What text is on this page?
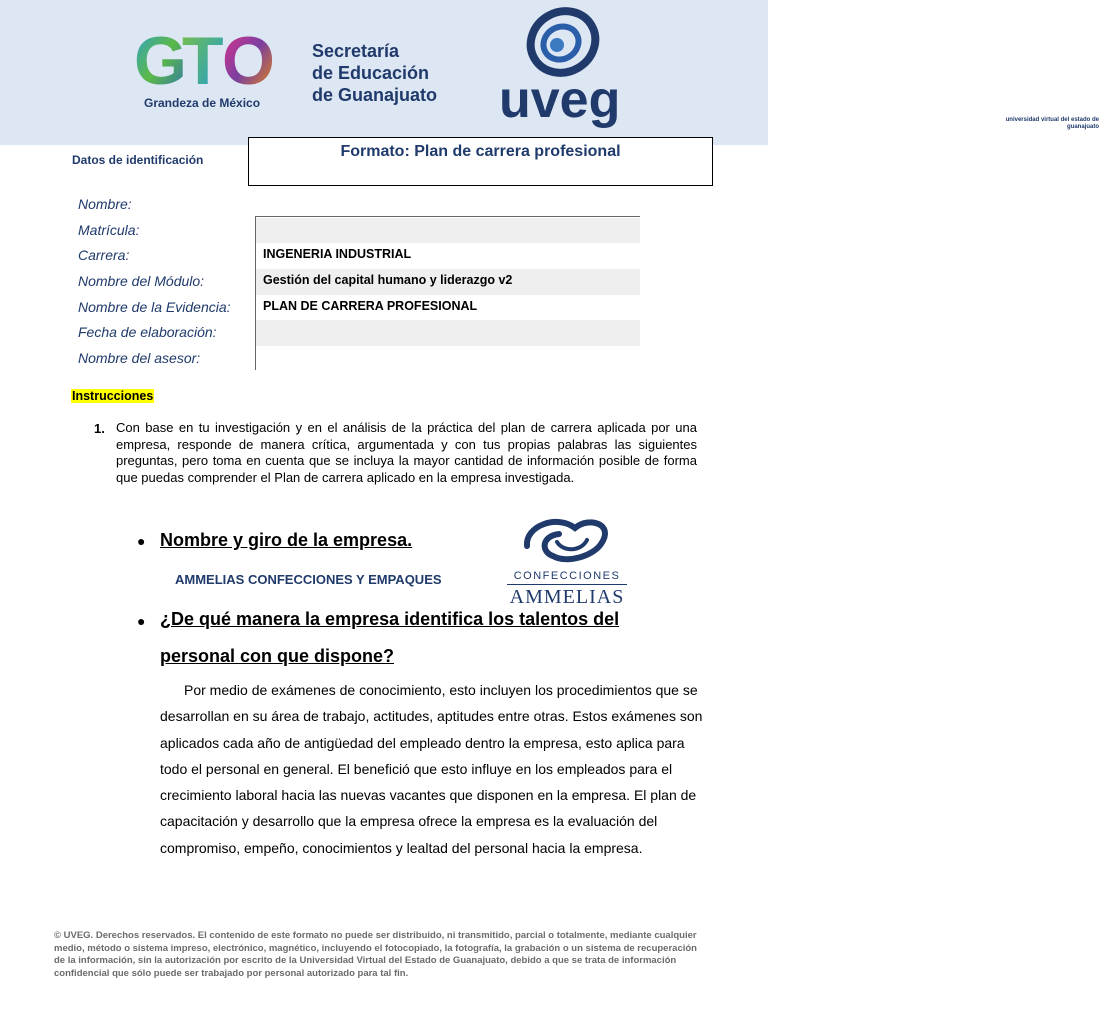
G
T
O
Grandeza de México
Secretaría
de Educación
de Guanajuato uveg	universidad virtual del estado de guanajuato
Datos de identificación	Formato: Plan de carrera profesional
Nombre:
Matrícula:
Carrera:	INGENERIA INDUSTRIAL
Nombre del Módulo:	Gestión del capital humano y liderazgo v2
Nombre de la Evidencia:	PLAN DE CARRERA PROFESIONAL
Fecha de elaboración:
Nombre del asesor:
Instrucciones
1. Con base en tu investigación y en el análisis de la práctica del plan de carrera aplicada por una empresa, responde de manera crítica, argumentada y con tus propias palabras las siguientes preguntas, pero toma en cuenta que se incluya la mayor cantidad de información posible de forma que puedas comprender el Plan de carrera aplicado en la empresa investigada.
● Nombre y giro de la empresa.
AMMELIAS CONFECCIONES Y EMPAQUES	CONFECCIONES
AMMELIAS
● ¿De qué manera la empresa identifica los talentos del
personal con que dispone?

Por medio de exámenes de conocimiento, esto incluyen los procedimientos que se desarrollan en su área de trabajo, actitudes, aptitudes entre otras. Estos exámenes son aplicados cada año de antigüedad del empleado dentro la empresa, esto aplica para todo el personal en general. El benefició que esto influye en los empleados para el crecimiento laboral hacia las nuevas vacantes que disponen en la empresa. El plan de capacitación y desarrollo que la empresa ofrece la empresa es la evaluación del compromiso, empeño, conocimientos y lealtad del personal hacia la empresa.

© UVEG. Derechos reservados. El contenido de este formato no puede ser distribuido, ni transmitido, parcial o totalmente, mediante cualquier medio, método o sistema impreso, electrónico, magnético, incluyendo el fotocopiado, la fotografía, la grabación o un sistema de recuperación de la información, sin la autorización por escrito de la Universidad Virtual del Estado de Guanajuato, debido a que se trata de información confidencial que sólo puede ser trabajado por personal autorizado para tal fin.
